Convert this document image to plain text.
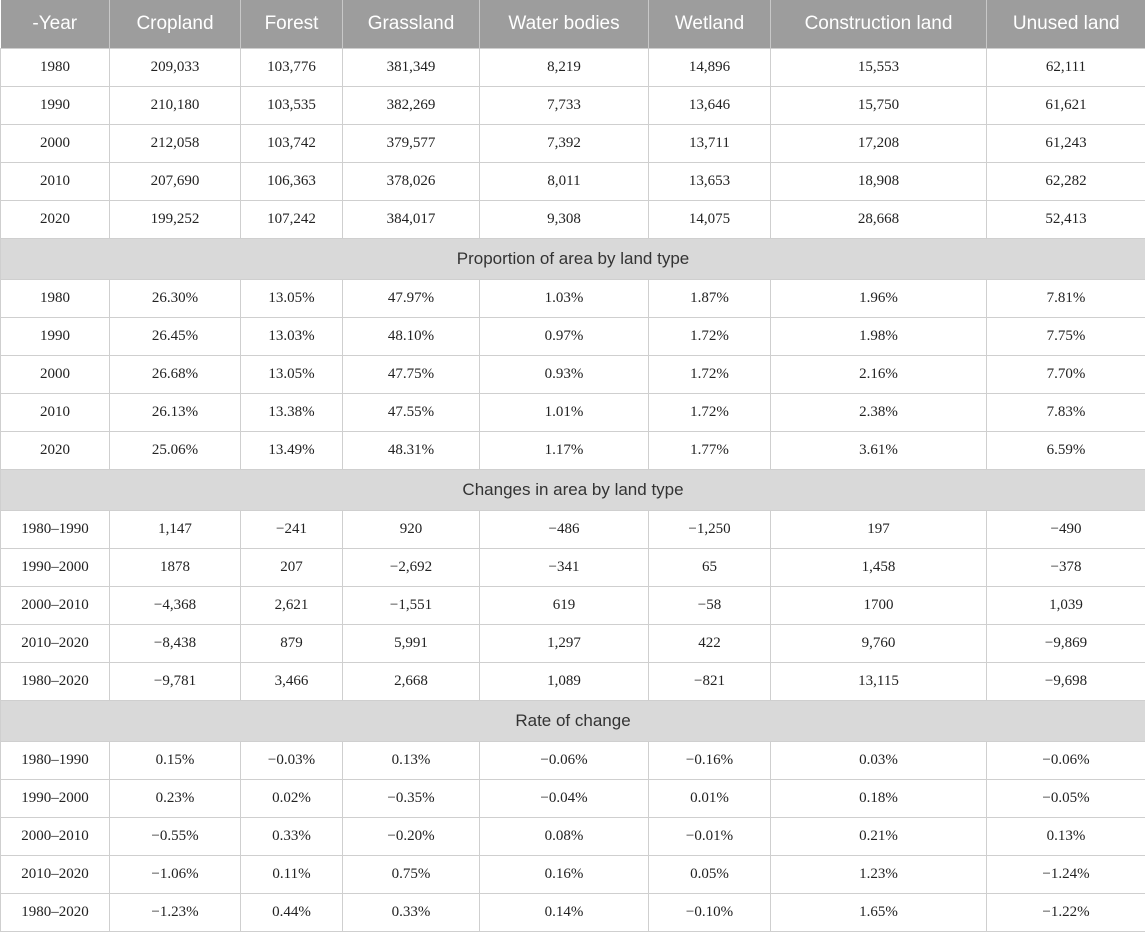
-Year	Cropland	Forest	Grassland	Water bodies	Wetland	Construction land	Unused land
1980	209,033	103,776	381,349	8,219	14,896	15,553	62,111
1990	210,180	103,535	382,269	7,733	13,646	15,750	61,621
2000	212,058	103,742	379,577	7,392	13,711	17,208	61,243
2010	207,690	106,363	378,026	8,011	13,653	18,908	62,282
2020	199,252	107,242	384,017	9,308	14,075	28,668	52,413
Proportion of area by land type							
1980	26.30%	13.05%	47.97%	1.03%	1.87%	1.96%	7.81%
1990	26.45%	13.03%	48.10%	0.97%	1.72%	1.98%	7.75%
2000	26.68%	13.05%	47.75%	0.93%	1.72%	2.16%	7.70%
2010	26.13%	13.38%	47.55%	1.01%	1.72%	2.38%	7.83%
2020	25.06%	13.49%	48.31%	1.17%	1.77%	3.61%	6.59%
Changes in area by land type							
1980–1990	1,147	−241	920	−486	−1,250	197	−490
1990–2000	1878	207	−2,692	−341	65	1,458	−378
2000–2010	−4,368	2,621	−1,551	619	−58	1700	1,039
2010–2020	−8,438	879	5,991	1,297	422	9,760	−9,869
1980–2020	−9,781	3,466	2,668	1,089	−821	13,115	−9,698
Rate of change							
1980–1990	0.15%	−0.03%	0.13%	−0.06%	−0.16%	0.03%	−0.06%
1990–2000	0.23%	0.02%	−0.35%	−0.04%	0.01%	0.18%	−0.05%
2000–2010	−0.55%	0.33%	−0.20%	0.08%	−0.01%	0.21%	0.13%
2010–2020	−1.06%	0.11%	0.75%	0.16%	0.05%	1.23%	−1.24%
1980–2020	−1.23%	0.44%	0.33%	0.14%	−0.10%	1.65%	−1.22%
